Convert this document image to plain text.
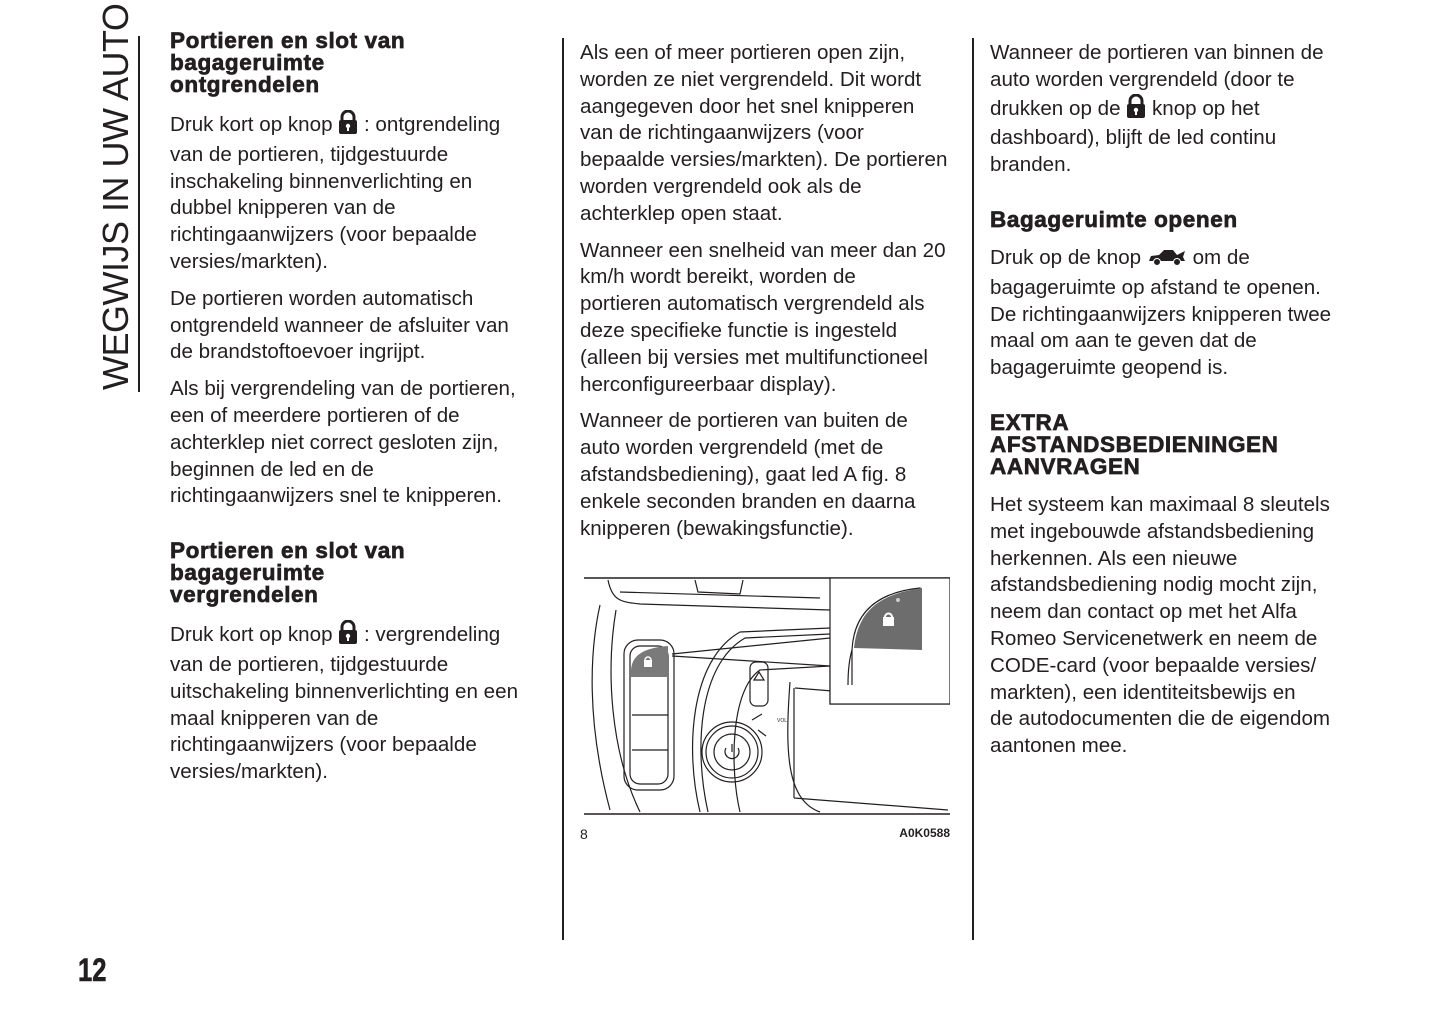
WEGWIJS IN UW AUTO Portieren en slot van
bagageruimte
ontgrendelen
Druk kort op knop  : ontgrendeling
van de portieren, tijdgestuurde
inschakeling binnenverlichting en
dubbel knipperen van de
richtingaanwijzers (voor bepaalde
versies/markten).
De portieren worden automatisch
ontgrendeld wanneer de afsluiter van
de brandstoftoevoer ingrijpt.
Als bij vergrendeling van de portieren,
een of meerdere portieren of de
achterklep niet correct gesloten zijn,
beginnen de led en de
richtingaanwijzers snel te knipperen.
Portieren en slot van
bagageruimte
vergrendelen
Druk kort op knop  : vergrendeling
van de portieren, tijdgestuurde
uitschakeling binnenverlichting en een
maal knipperen van de
richtingaanwijzers (voor bepaalde
versies/markten).
Als een of meer portieren open zijn,
worden ze niet vergrendeld. Dit wordt
aangegeven door het snel knipperen
van de richtingaanwijzers (voor
bepaalde versies/markten). De portieren
worden vergrendeld ook als de
achterklep open staat.
Wanneer een snelheid van meer dan 20
km/h wordt bereikt, worden de
portieren automatisch vergrendeld als
deze specifieke functie is ingesteld
(alleen bij versies met multifunctioneel
herconfigureerbaar display).
Wanneer de portieren van buiten de
auto worden vergrendeld (met de
afstandsbediening), gaat led A fig. 8
enkele seconden branden en daarna
knipperen (bewakingsfunctie).
VOL
8	A0K0588
Wanneer de portieren van binnen de
auto worden vergrendeld (door te
drukken op de  knop op het
dashboard), blijft de led continu
branden.
Bagageruimte openen
Druk op de knop  om de
bagageruimte op afstand te openen.
De richtingaanwijzers knipperen twee
maal om aan te geven dat de
bagageruimte geopend is.
EXTRA
AFSTANDSBEDIENINGEN
AANVRAGEN
Het systeem kan maximaal 8 sleutels
met ingebouwde afstandsbediening
herkennen. Als een nieuwe
afstandsbediening nodig mocht zijn,
neem dan contact op met het Alfa
Romeo Servicenetwerk en neem de
CODE-card (voor bepaalde versies/
markten), een identiteitsbewijs en
de autodocumenten die de eigendom
aantonen mee.
12
